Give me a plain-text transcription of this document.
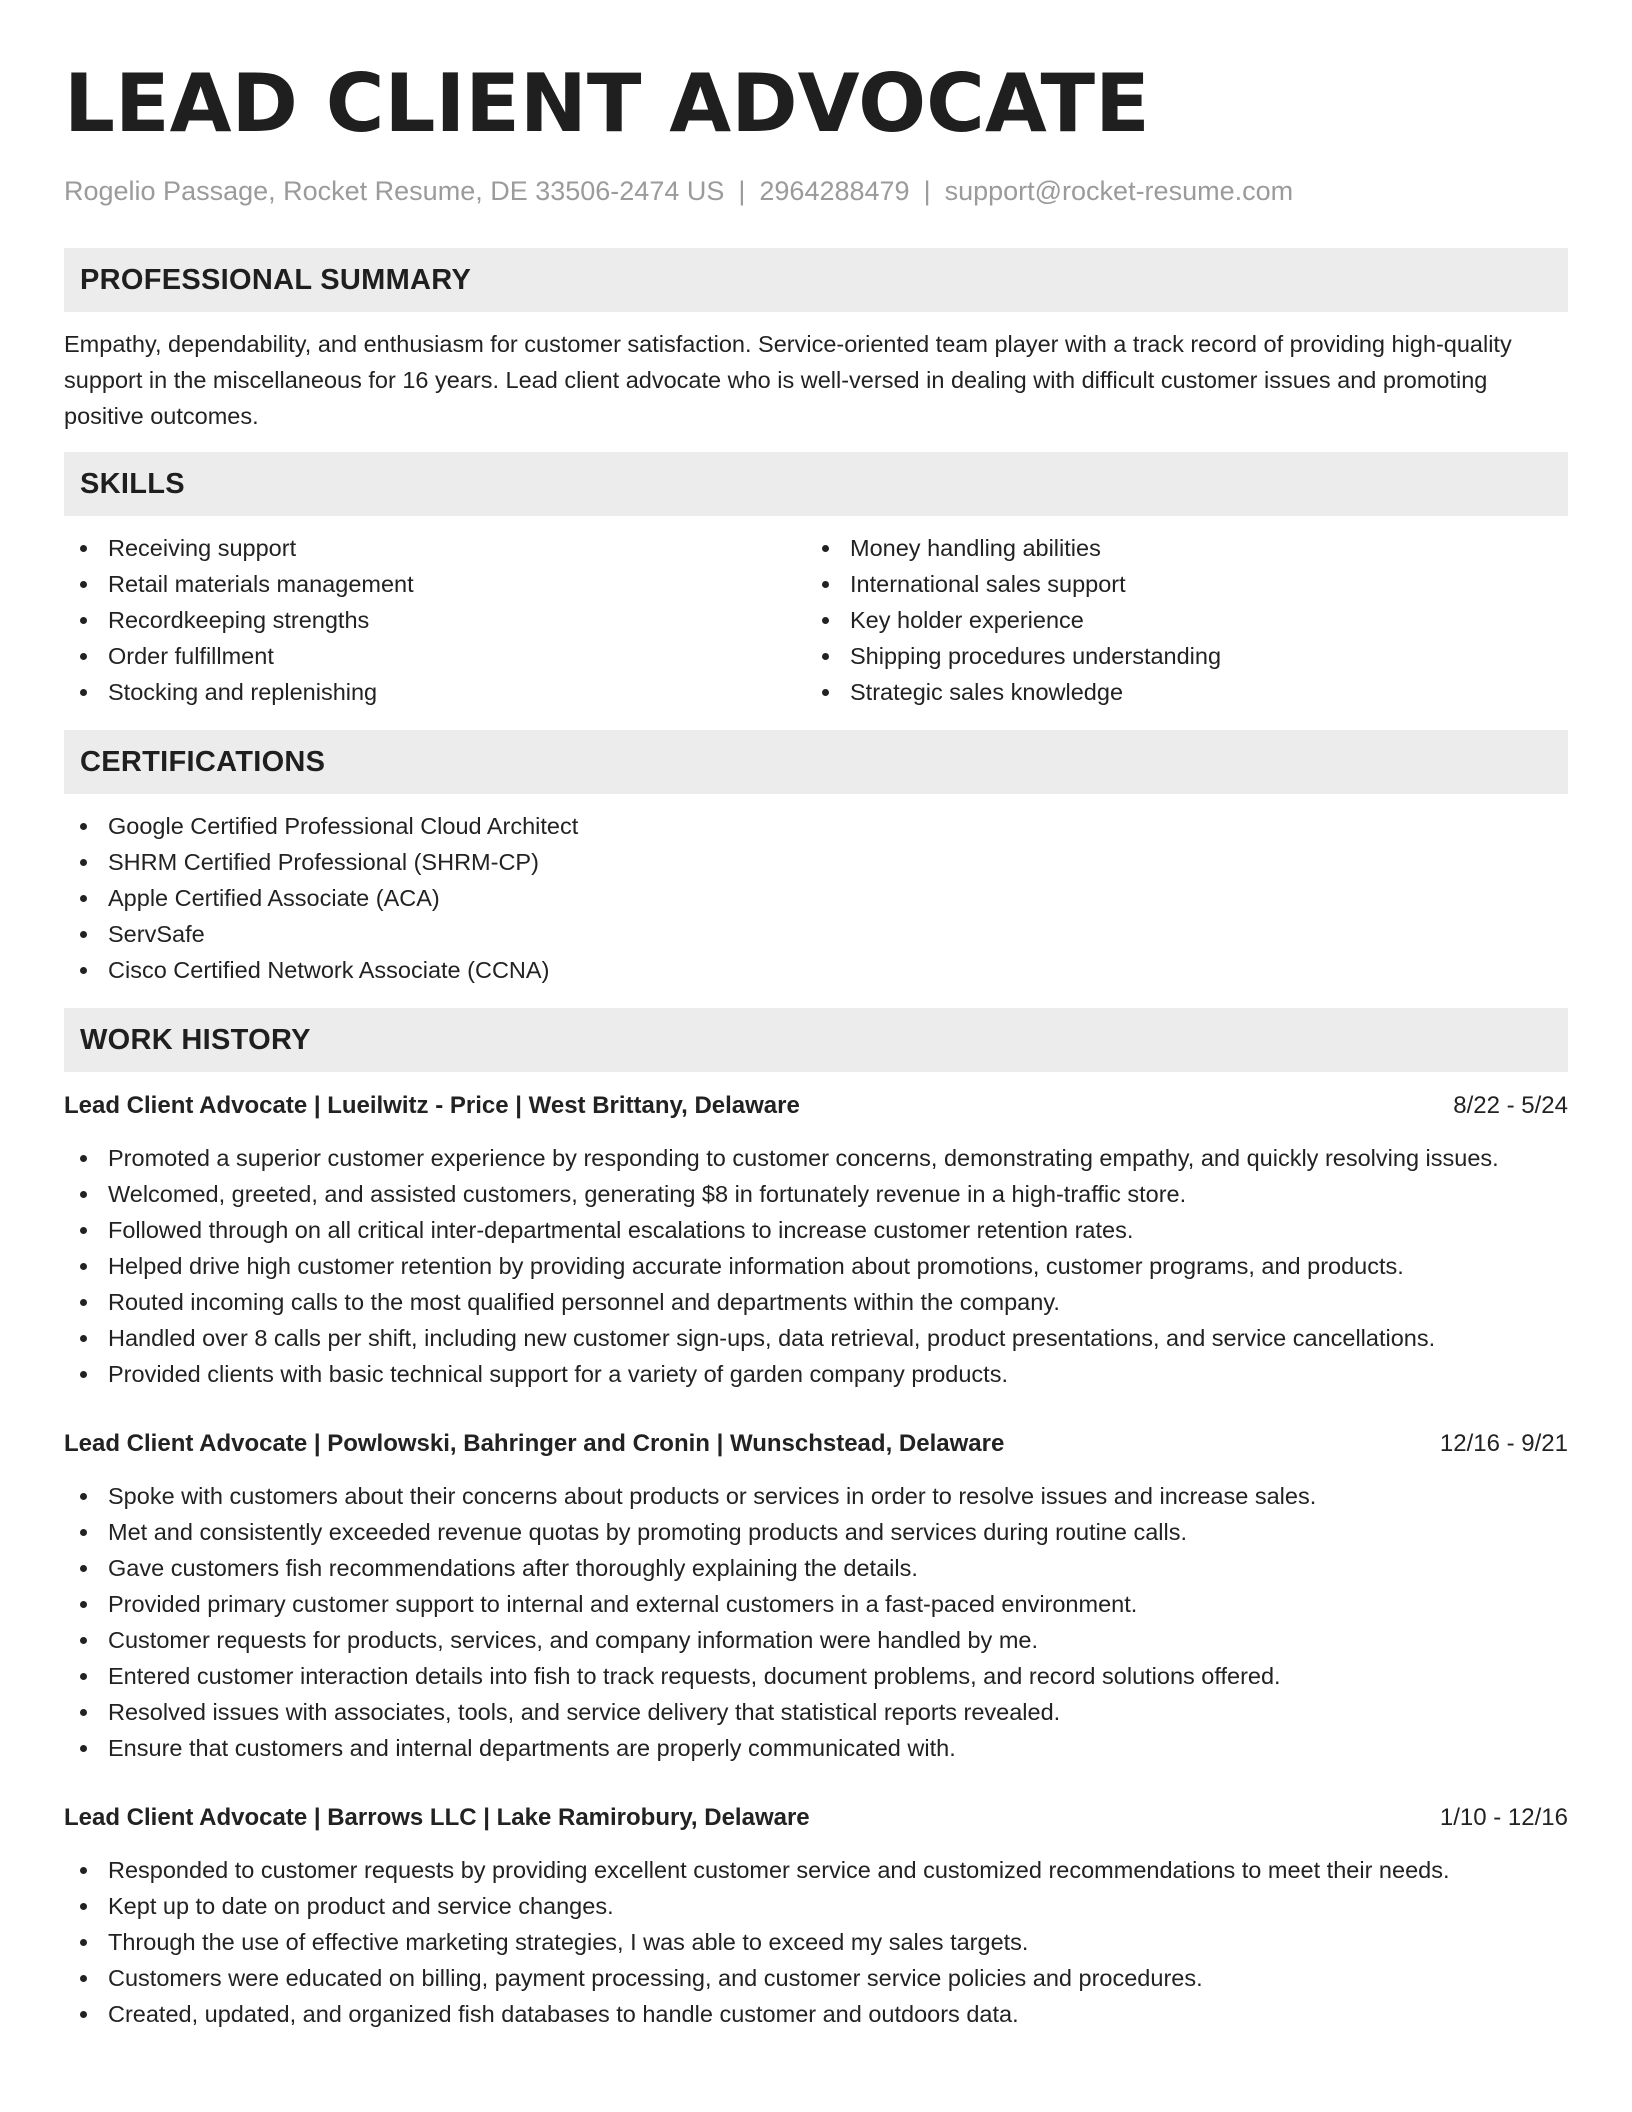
LEAD CLIENT ADVOCATE
Rogelio Passage, Rocket Resume, DE 33506-2474 US | 2964288479 | support@rocket-resume.com
PROFESSIONAL SUMMARY

Empathy, dependability, and enthusiasm for customer satisfaction. Service-oriented team player with a track record of providing high-quality support in the miscellaneous for 16 years. Lead client advocate who is well-versed in dealing with difficult customer issues and promoting positive outcomes.

SKILLS
Receiving support
Retail materials management
Recordkeeping strengths
Order fulfillment
Stocking and replenishing
Money handling abilities
International sales support
Key holder experience
Shipping procedures understanding
Strategic sales knowledge
CERTIFICATIONS
Google Certified Professional Cloud Architect
SHRM Certified Professional (SHRM-CP)
Apple Certified Associate (ACA)
ServSafe
Cisco Certified Network Associate (CCNA)
WORK HISTORY
Lead Client Advocate | Lueilwitz - Price | West Brittany, Delaware	8/22 - 5/24
Promoted a superior customer experience by responding to customer concerns, demonstrating empathy, and quickly resolving issues.
Welcomed, greeted, and assisted customers, generating $8 in fortunately revenue in a high-traffic store.
Followed through on all critical inter-departmental escalations to increase customer retention rates.
Helped drive high customer retention by providing accurate information about promotions, customer programs, and products.
Routed incoming calls to the most qualified personnel and departments within the company.
Handled over 8 calls per shift, including new customer sign-ups, data retrieval, product presentations, and service cancellations.
Provided clients with basic technical support for a variety of garden company products.
Lead Client Advocate | Powlowski, Bahringer and Cronin | Wunschstead, Delaware	12/16 - 9/21
Spoke with customers about their concerns about products or services in order to resolve issues and increase sales.
Met and consistently exceeded revenue quotas by promoting products and services during routine calls.
Gave customers fish recommendations after thoroughly explaining the details.
Provided primary customer support to internal and external customers in a fast-paced environment.
Customer requests for products, services, and company information were handled by me.
Entered customer interaction details into fish to track requests, document problems, and record solutions offered.
Resolved issues with associates, tools, and service delivery that statistical reports revealed.
Ensure that customers and internal departments are properly communicated with.
Lead Client Advocate | Barrows LLC | Lake Ramirobury, Delaware	1/10 - 12/16
Responded to customer requests by providing excellent customer service and customized recommendations to meet their needs.
Kept up to date on product and service changes.
Through the use of effective marketing strategies, I was able to exceed my sales targets.
Customers were educated on billing, payment processing, and customer service policies and procedures.
Created, updated, and organized fish databases to handle customer and outdoors data.
